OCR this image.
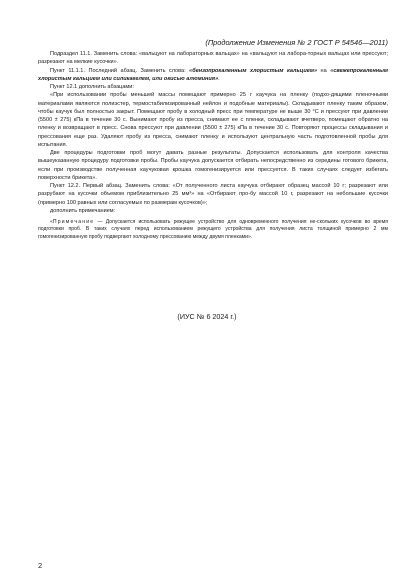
(Продолжение Изменения № 2 ГОСТ Р 54546—2011)

Подраздел 11.1. Заменить слова: «вальцуют на лабораторных вальцах» на «вальцуют на лабора-торных вальцах или прессуют; разрезают на мелкие кусочки».

Пункт 11.1.1. Последний абзац. Заменить слова: «бензопрокаленным хлористым кальцием» на «свежепрокаленным хлористым кальцием или силикагелем, или окисью алюминия».

Пункт 12.1 дополнить абзацами:

«При использовании пробы меньшей массы помещают примерно 25 г каучука на пленку (подхо-дящими пленочными материалами являются полиэстер, термостабилизированный нейлон и подобные материалы). Складывают пленку таким образом, чтобы каучук был полностью закрыт. Помещают пробу в холодный пресс при температуре не выше 30 °С и прессуют при давлении (5500 ± 275) кПа в течение 30 с. Вынимают пробу из пресса, снимают ее с пленки, складывают вчетверо, помещают обратно на пленку и возвращают в пресс. Снова прессуют при давлении (5500 ± 275) кПа в течение 30 с. Повторяют процессы складывания и прессования еще раз. Удаляют пробу из пресса, снимают пленку и используют центральную часть подготовленной пробы для испытания.

Две процедуры подготовки проб могут давать разные результаты. Допускается использовать для контроля качества вышеуказанную процедуру подготовки пробы. Пробы каучука допускается отбирать непосредственно из середины готового брикета, если при производстве полученная каучуковая крошка гомогенизируется или прессуется. В таких случаях следует избегать поверхности брикета».

Пункт 12.2. Первый абзац. Заменить слова: «От полученного листа каучука отбирают образец массой 10 г; разрезают или разрубают на кусочки объемом приблизительно 25 мм³» на «Отбирают про-бу массой 10 г, разрезают на небольшие кусочки (примерно 100 равных или согласуемых по размерам кусочков)»;

дополнить примечанием:

«Примечание — Допускается использовать режущее устройство для одновременного получения не-скольких кусочков во время подготовки проб. В таких случаях перед использованием режущего устройства для получения листа толщиной примерно 2 мм гомогенизированную пробу подвергают холодному прессованию между двумя пленками».

(ИУС № 6 2024 г.)
2
